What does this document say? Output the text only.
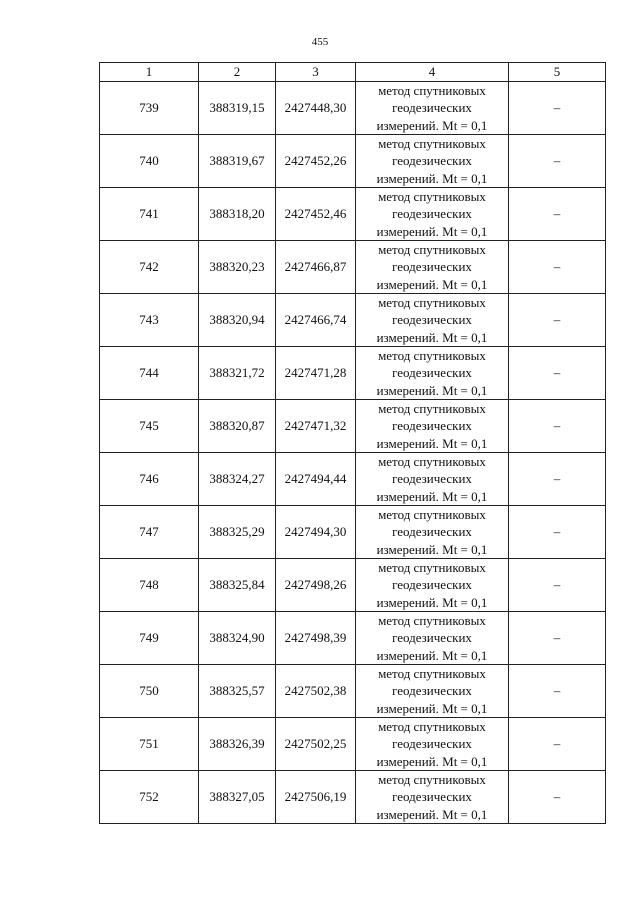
455
1	2	3	4	5
739	388319,15	2427448,30	метод спутниковых
геодезических
измерений. Mt = 0,1	–
740	388319,67	2427452,26	метод спутниковых
геодезических
измерений. Mt = 0,1	–
741	388318,20	2427452,46	метод спутниковых
геодезических
измерений. Mt = 0,1	–
742	388320,23	2427466,87	метод спутниковых
геодезических
измерений. Mt = 0,1	–
743	388320,94	2427466,74	метод спутниковых
геодезических
измерений. Mt = 0,1	–
744	388321,72	2427471,28	метод спутниковых
геодезических
измерений. Mt = 0,1	–
745	388320,87	2427471,32	метод спутниковых
геодезических
измерений. Mt = 0,1	–
746	388324,27	2427494,44	метод спутниковых
геодезических
измерений. Mt = 0,1	–
747	388325,29	2427494,30	метод спутниковых
геодезических
измерений. Mt = 0,1	–
748	388325,84	2427498,26	метод спутниковых
геодезических
измерений. Mt = 0,1	–
749	388324,90	2427498,39	метод спутниковых
геодезических
измерений. Mt = 0,1	–
750	388325,57	2427502,38	метод спутниковых
геодезических
измерений. Mt = 0,1	–
751	388326,39	2427502,25	метод спутниковых
геодезических
измерений. Mt = 0,1	–
752	388327,05	2427506,19	метод спутниковых
геодезических
измерений. Mt = 0,1	–
